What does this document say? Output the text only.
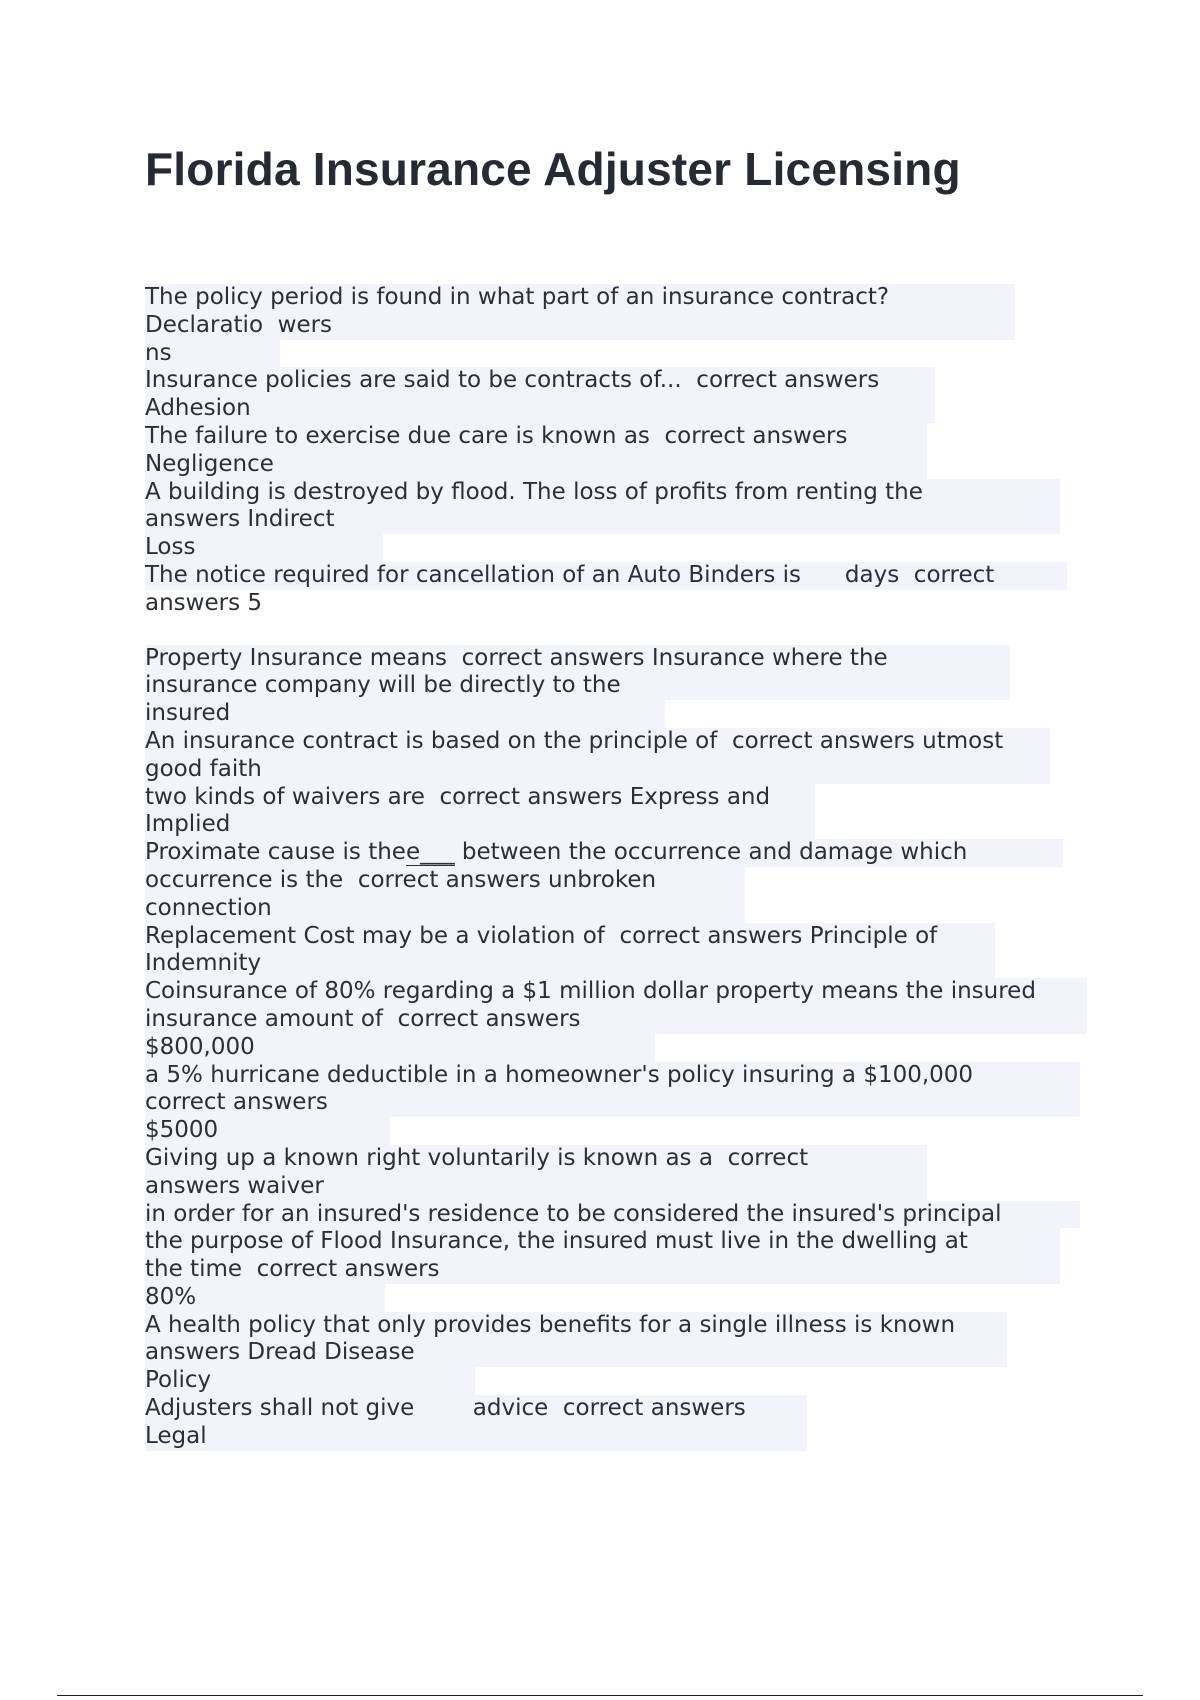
Florida Insurance Adjuster Licensing
The policy period is found in what part of an insurance contract?
Declaratio  wers
ns
Insurance policies are said to be contracts of...  correct answers
Adhesion
The failure to exercise due care is known as  correct answers
Negligence
A building is destroyed by flood. The loss of profits from renting the
answers Indirect
Loss
The notice required for cancellation of an Auto Binders is      days  correct
answers 5
Property Insurance means  correct answers Insurance where the
insurance company will be directly to the
insured
An insurance contract is based on the principle of  correct answers utmost
good faith
two kinds of waivers are  correct answers Express and
Implied
Proximate cause is thee___ between the occurrence and damage which
occurrence is the  correct answers unbroken
connection
Replacement Cost may be a violation of  correct answers Principle of
Indemnity
Coinsurance of 80% regarding a $1 million dollar property means the insured
insurance amount of  correct answers
$800,000
a 5% hurricane deductible in a homeowner's policy insuring a $100,000
correct answers
$5000
Giving up a known right voluntarily is known as a  correct
answers waiver
in order for an insured's residence to be considered the insured's principal
the purpose of Flood Insurance, the insured must live in the dwelling at
the time  correct answers
80%
A health policy that only provides benefits for a single illness is known
answers Dread Disease
Policy
Adjusters shall not give        advice  correct answers
Legal
